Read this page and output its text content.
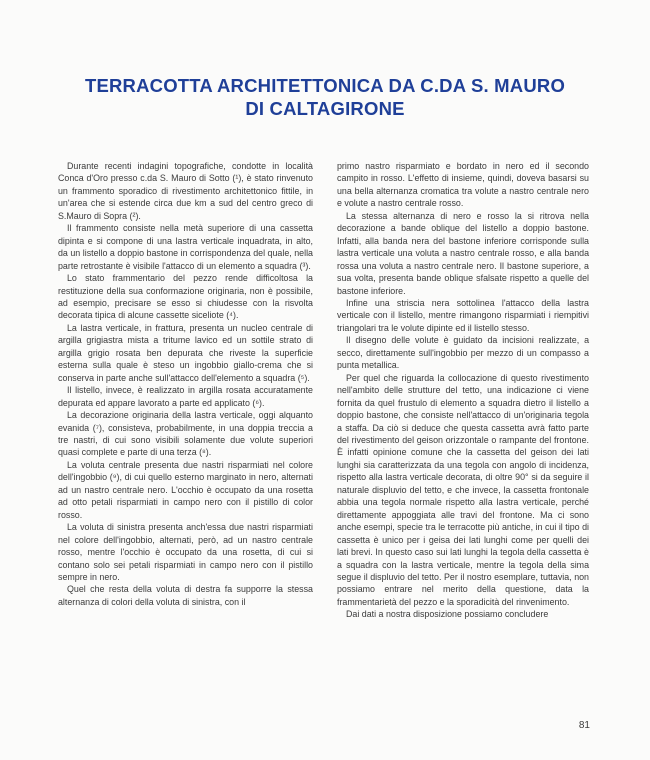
TERRACOTTA ARCHITETTONICA DA C.DA S. MAURO
DI CALTAGIRONE

Durante recenti indagini topografiche, condotte in località Conca d'Oro presso c.da S. Mauro di Sotto (¹), è stato rinvenuto un frammento sporadico di rivestimento architettonico fittile, in un'area che si estende circa due km a sud del centro greco di S.Mauro di Sopra (²).

Il frammento consiste nella metà superiore di una cassetta dipinta e si compone di una lastra verticale inquadrata, in alto, da un listello a doppio bastone in corrispondenza del quale, nella parte retrostante è visibile l'attacco di un elemento a squadra (³).

Lo stato frammentario del pezzo rende difficoltosa la restituzione della sua conformazione originaria, non è possibile, ad esempio, precisare se esso si chiudesse con la risvolta decorata tipica di alcune cassette siceliote (⁴).

La lastra verticale, in frattura, presenta un nucleo centrale di argilla grigiastra mista a tritume lavico ed un sottile strato di argilla grigio rosata ben depurata che riveste la superficie esterna sulla quale è steso un ingobbio giallo-crema che si conserva in parte anche sull'attacco dell'elemento a squadra (⁵).

Il listello, invece, è realizzato in argilla rosata accuratamente depurata ed appare lavorato a parte ed applicato (⁶).

La decorazione originaria della lastra verticale, oggi alquanto evanida (⁷), consisteva, probabilmente, in una doppia treccia a tre nastri, di cui sono visibili solamente due volute superiori quasi complete e parte di una terza (⁸).

La voluta centrale presenta due nastri risparmiati nel colore dell'ingobbio (⁹), di cui quello esterno marginato in nero, alternati ad un nastro centrale nero. L'occhio è occupato da una rosetta ad otto petali risparmiati in campo nero con il pistillo di color rosso.

La voluta di sinistra presenta anch'essa due nastri risparmiati nel colore dell'ingobbio, alternati, però, ad un nastro centrale rosso, mentre l'occhio è occupato da una rosetta, di cui si contano solo sei petali risparmiati in campo nero con il pistillo sempre in nero.

Quel che resta della voluta di destra fa supporre la stessa alternanza di colori della voluta di sinistra, con il

primo nastro risparmiato e bordato in nero ed il secondo campito in rosso. L'effetto di insieme, quindi, doveva basarsi su una bella alternanza cromatica tra volute a nastro centrale nero e volute a nastro centrale rosso.

La stessa alternanza di nero e rosso la si ritrova nella decorazione a bande oblique del listello a doppio bastone. Infatti, alla banda nera del bastone inferiore corrisponde sulla lastra verticale una voluta a nastro centrale rosso, e alla banda rossa una voluta a nastro centrale nero. Il bastone superiore, a sua volta, presenta bande oblique sfalsate rispetto a quelle del bastone inferiore.

Infine una striscia nera sottolinea l'attacco della lastra verticale con il listello, mentre rimangono risparmiati i riempitivi triangolari tra le volute dipinte ed il listello stesso.

Il disegno delle volute è guidato da incisioni realizzate, a secco, direttamente sull'ingobbio per mezzo di un compasso a punta metallica.

Per quel che riguarda la collocazione di questo rivestimento nell'ambito delle strutture del tetto, una indicazione ci viene fornita da quel frustulo di elemento a squadra dietro il listello a doppio bastone, che consiste nell'attacco di un'originaria tegola a staffa. Da ciò si deduce che questa cassetta avrà fatto parte del rivestimento del geison orizzontale o rampante del frontone. È infatti opinione comune che la cassetta del geison dei lati lunghi sia caratterizzata da una tegola con angolo di incidenza, rispetto alla lastra verticale decorata, di oltre 90° si da seguire il naturale displuvio del tetto, e che invece, la cassetta frontonale abbia una tegola normale rispetto alla lastra verticale, perché direttamente appoggiata alle travi del frontone. Ma ci sono anche esempi, specie tra le terracotte più antiche, in cui il tipo di cassetta è unico per i geisa dei lati lunghi come per quelli dei lati brevi. In questo caso sui lati lunghi la tegola della cassetta è a squadra con la lastra verticale, mentre la tegola della sima segue il displuvio del tetto. Per il nostro esemplare, tuttavia, non possiamo entrare nel merito della questione, data la frammentarietà del pezzo e la sporadicità del rinvenimento.

Dai dati a nostra disposizione possiamo concludere

81
